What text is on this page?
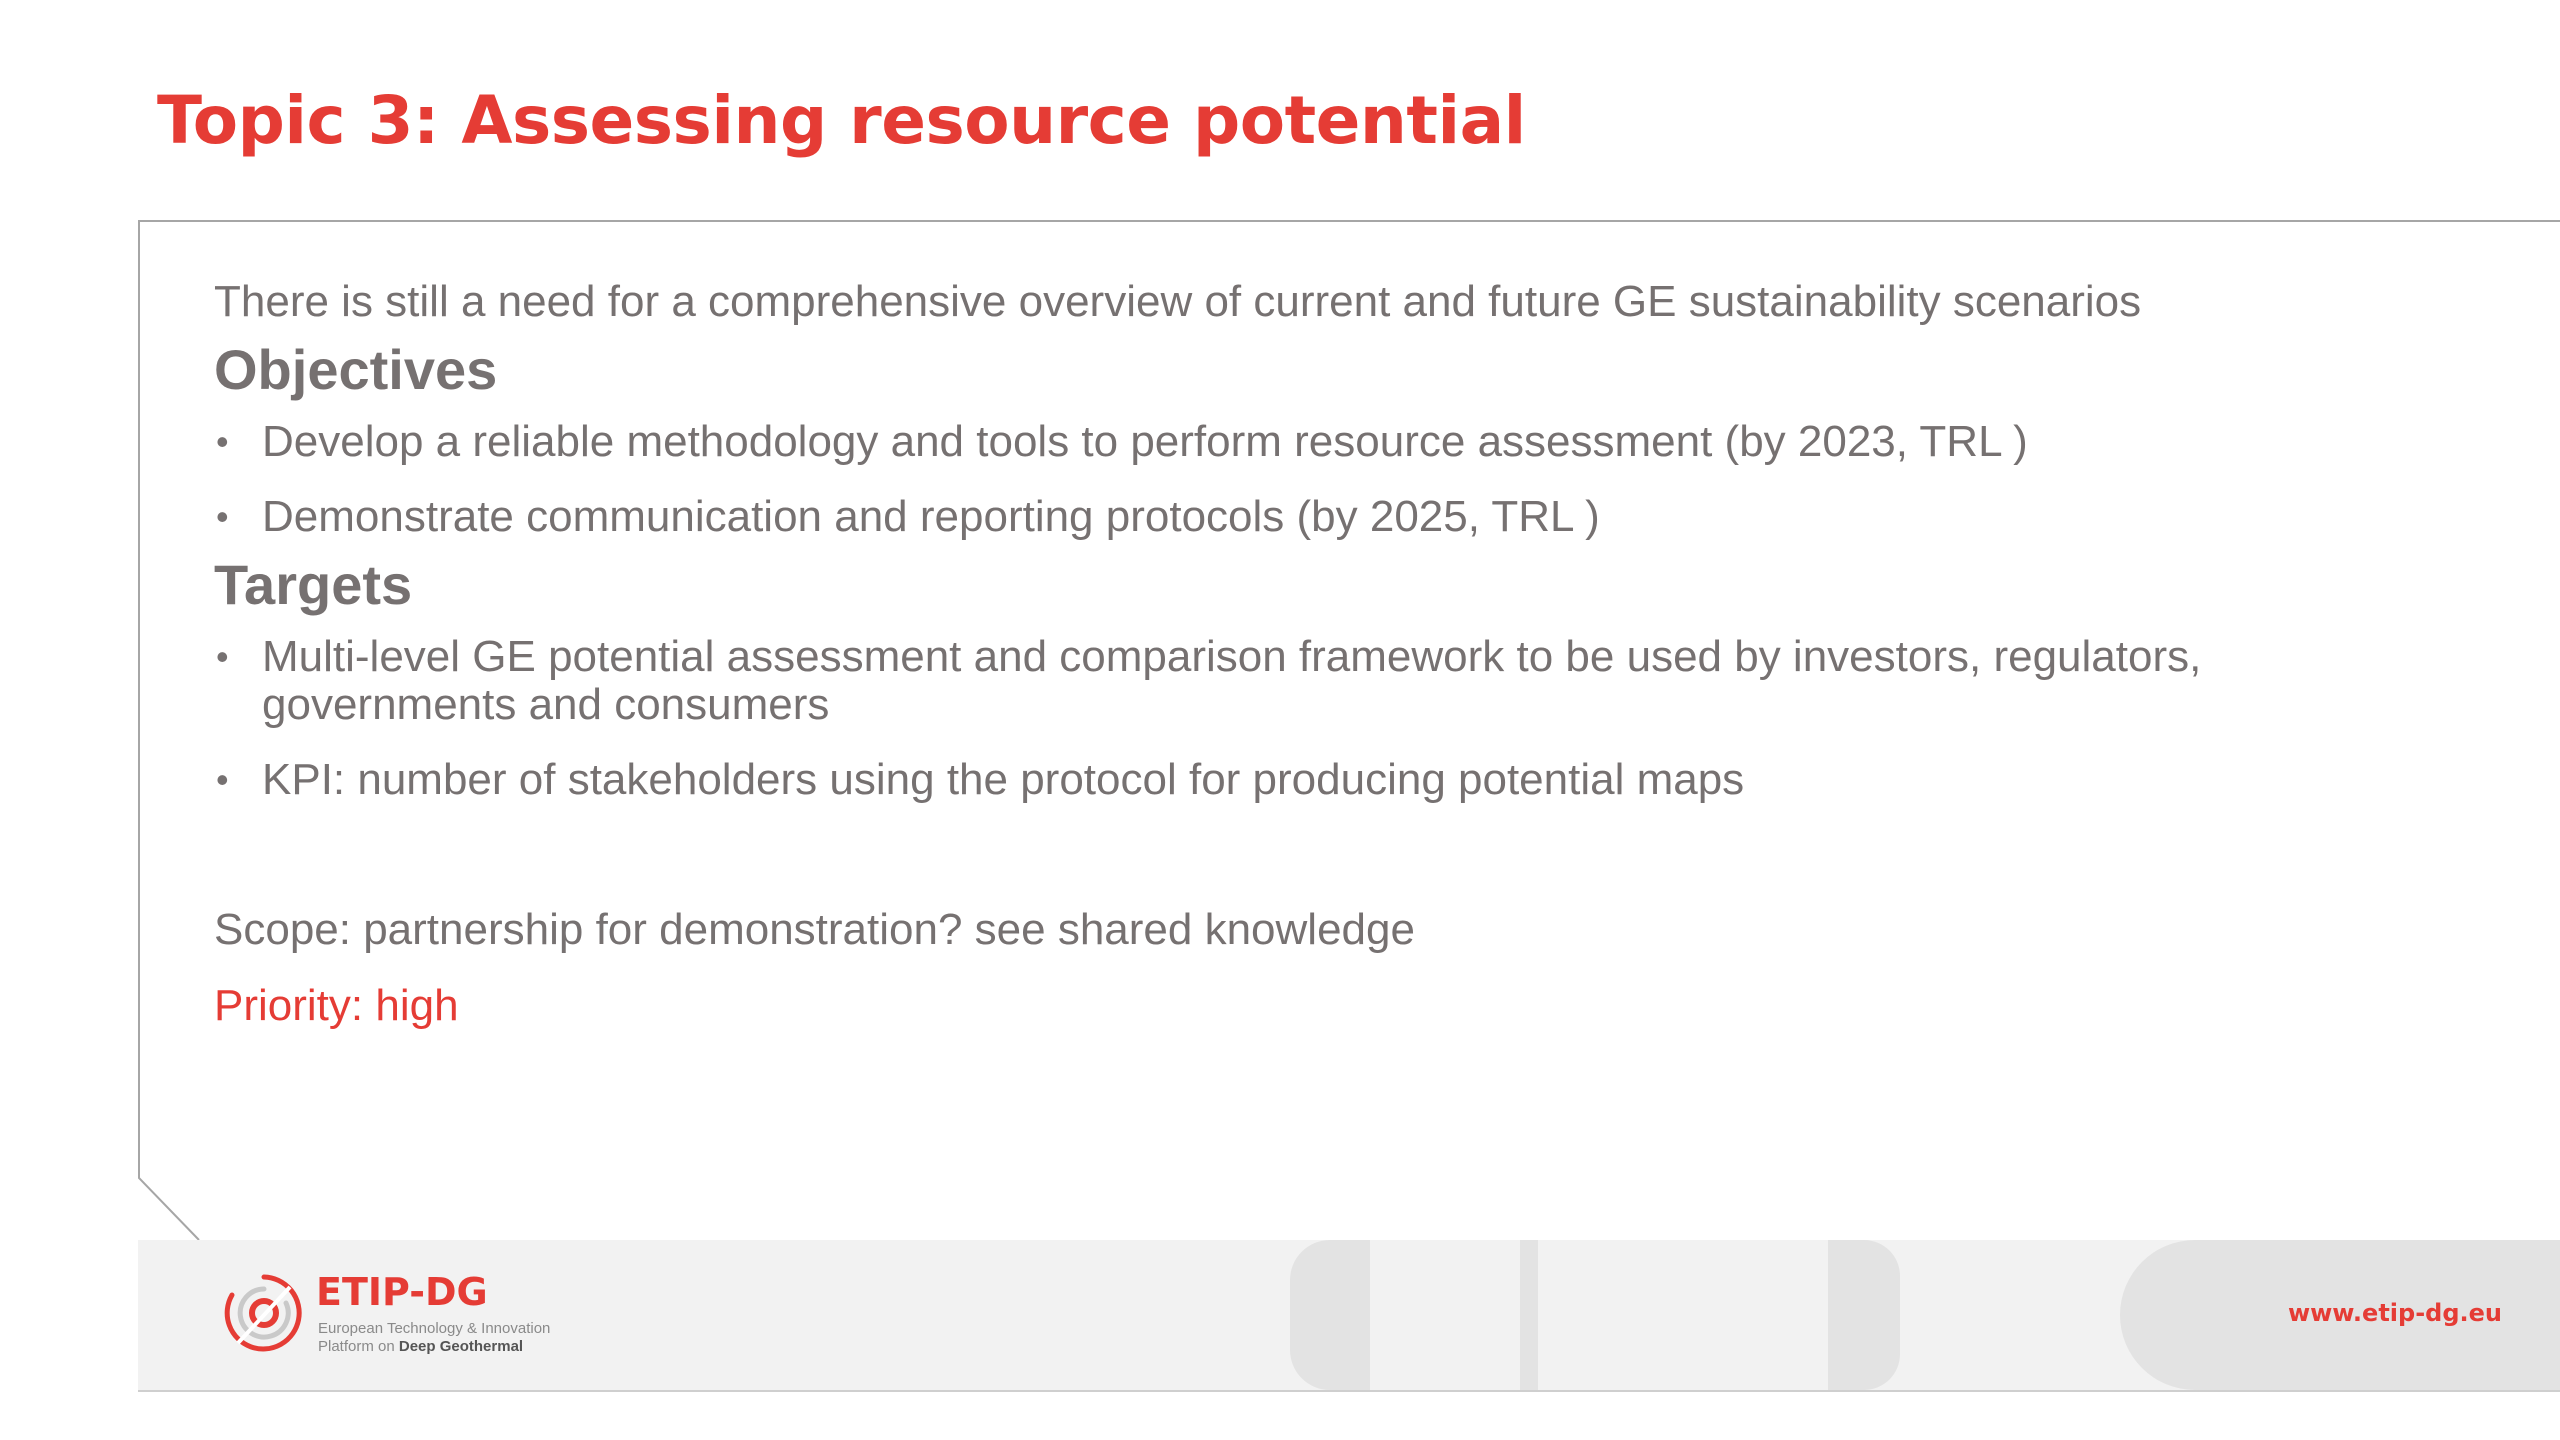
Topic 3: Assessing resource potential

There is still a need for a comprehensive overview of current and future GE sustainability scenarios

Objectives
• Develop a reliable methodology and tools to perform resource assessment (by 2023, TRL )
• Demonstrate communication and reporting protocols (by 2025, TRL )
Targets
• Multi-level GE potential assessment and comparison framework to be used by investors, regulators, governments and consumers
• KPI: number of stakeholders using the protocol for producing potential maps

Scope: partnership for demonstration? see shared knowledge

Priority: high

ETIP-DG
European Technology & Innovation
Platform on Deep Geothermal
www.etip-dg.eu
